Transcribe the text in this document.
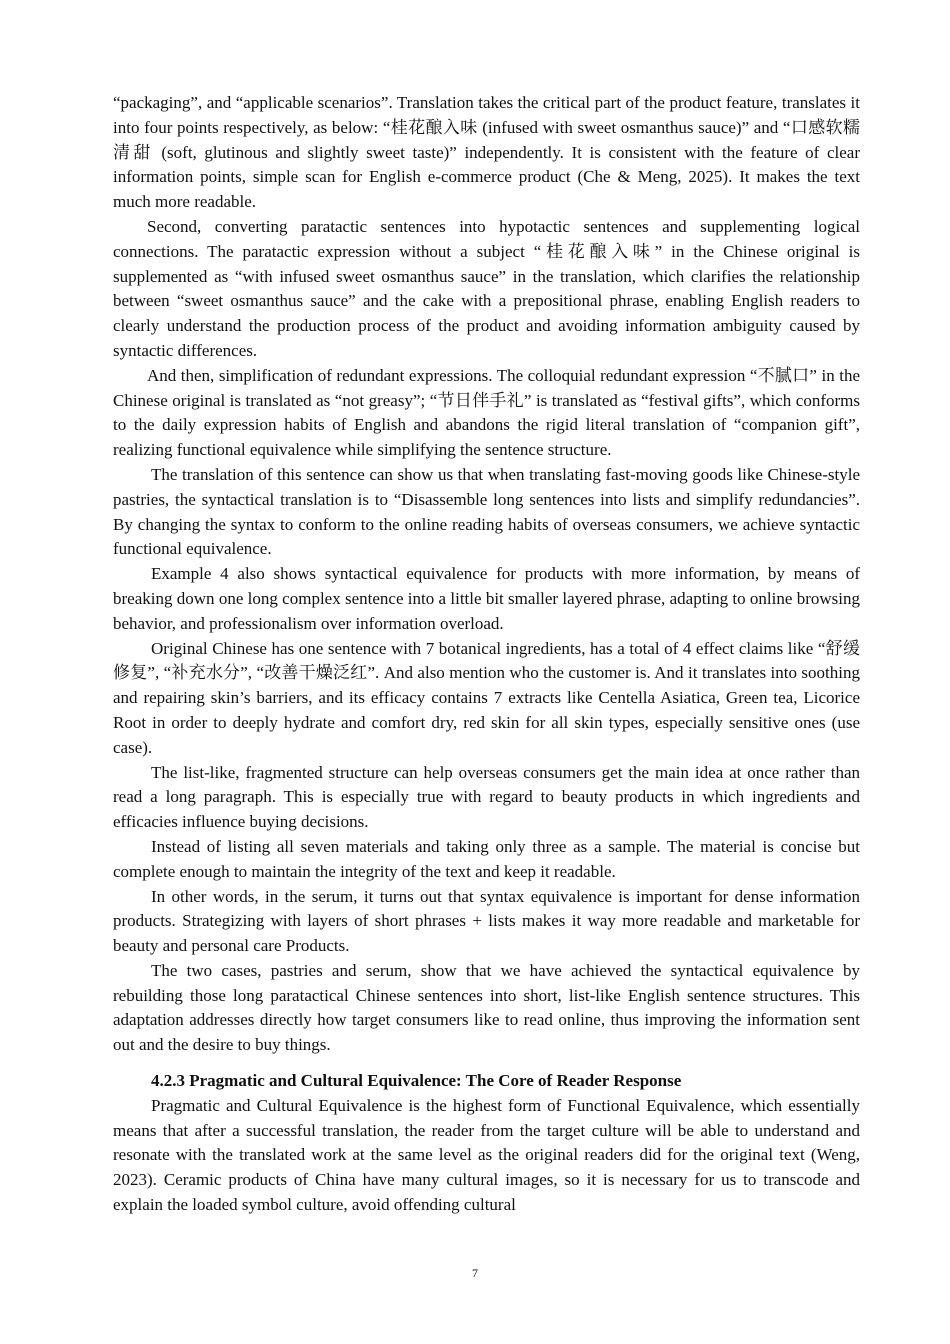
“packaging”, and “applicable scenarios”. Translation takes the critical part of the product feature, translates it into four points respectively, as below: “桂花酿入味 (infused with sweet osmanthus sauce)” and “口感软糯清甜 (soft, glutinous and slightly sweet taste)” independently. It is consistent with the feature of clear information points, simple scan for English e-commerce product (Che & Meng, 2025). It makes the text much more readable.

Second, converting paratactic sentences into hypotactic sentences and supplementing logical connections. The paratactic expression without a subject “桂花酿入味” in the Chinese original is supplemented as “with infused sweet osmanthus sauce” in the translation, which clarifies the relationship between “sweet osmanthus sauce” and the cake with a prepositional phrase, enabling English readers to clearly understand the production process of the product and avoiding information ambiguity caused by syntactic differences.

And then, simplification of redundant expressions. The colloquial redundant expression “不腻口” in the Chinese original is translated as “not greasy”; “节日伴手礼” is translated as “festival gifts”, which conforms to the daily expression habits of English and abandons the rigid literal translation of “companion gift”, realizing functional equivalence while simplifying the sentence structure.

The translation of this sentence can show us that when translating fast-moving goods like Chinese-style pastries, the syntactical translation is to “Disassemble long sentences into lists and simplify redundancies”. By changing the syntax to conform to the online reading habits of overseas consumers, we achieve syntactic functional equivalence.

Example 4 also shows syntactical equivalence for products with more information, by means of breaking down one long complex sentence into a little bit smaller layered phrase, adapting to online browsing behavior, and professionalism over information overload.

Original Chinese has one sentence with 7 botanical ingredients, has a total of 4 effect claims like “舒缓修复”, “补充水分”, “改善干燥泛红”. And also mention who the customer is. And it translates into soothing and repairing skin’s barriers, and its efficacy contains 7 extracts like Centella Asiatica, Green tea, Licorice Root in order to deeply hydrate and comfort dry, red skin for all skin types, especially sensitive ones (use case).

The list-like, fragmented structure can help overseas consumers get the main idea at once rather than read a long paragraph. This is especially true with regard to beauty products in which ingredients and efficacies influence buying decisions.

Instead of listing all seven materials and taking only three as a sample. The material is concise but complete enough to maintain the integrity of the text and keep it readable.

In other words, in the serum, it turns out that syntax equivalence is important for dense information products. Strategizing with layers of short phrases + lists makes it way more readable and marketable for beauty and personal care Products.

The two cases, pastries and serum, show that we have achieved the syntactical equivalence by rebuilding those long paratactical Chinese sentences into short, list-like English sentence structures. This adaptation addresses directly how target consumers like to read online, thus improving the information sent out and the desire to buy things.

4.2.3 Pragmatic and Cultural Equivalence: The Core of Reader Response

Pragmatic and Cultural Equivalence is the highest form of Functional Equivalence, which essentially means that after a successful translation, the reader from the target culture will be able to understand and resonate with the translated work at the same level as the original readers did for the original text (Weng, 2023). Ceramic products of China have many cultural images, so it is necessary for us to transcode and explain the loaded symbol culture, avoid offending cultural

7
